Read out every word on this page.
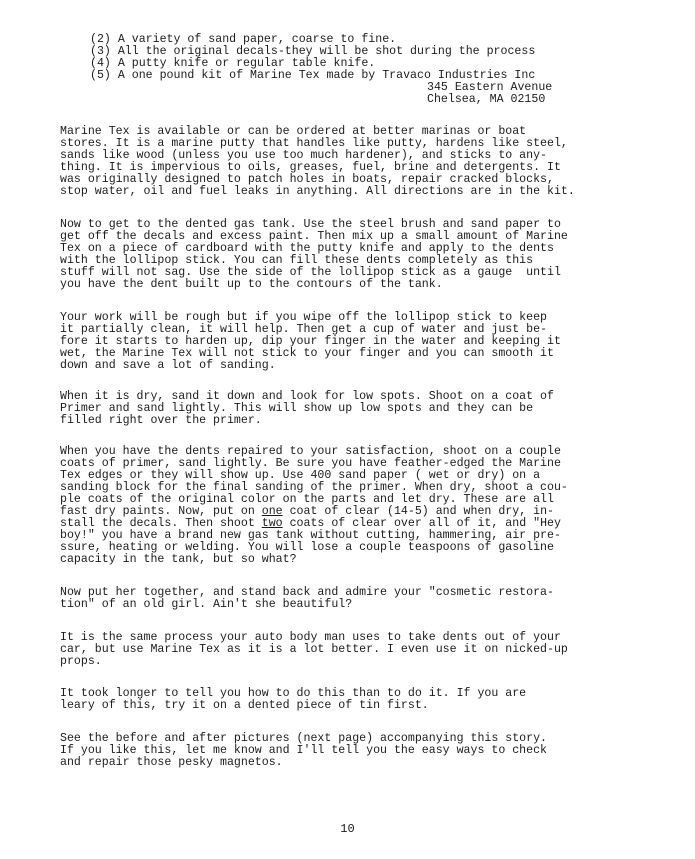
(2) A variety of sand paper, coarse to fine.
(3) All the original decals-they will be shot during the process
(4) A putty knife or regular table knife.
(5) A one pound kit of Marine Tex made by Travaco Industries Inc
345 Eastern Avenue
Chelsea, MA 02150
Marine Tex is available or can be ordered at better marinas or boat
stores. It is a marine putty that handles like putty, hardens like steel,
sands like wood (unless you use too much hardener), and sticks to any-
thing. It is impervious to oils, greases, fuel, brine and detergents. It
was originally designed to patch holes in boats, repair cracked blocks,
stop water, oil and fuel leaks in anything. All directions are in the kit.
Now to get to the dented gas tank. Use the steel brush and sand paper to
get off the decals and excess paint. Then mix up a small amount of Marine
Tex on a piece of cardboard with the putty knife and apply to the dents
with the lollipop stick. You can fill these dents completely as this
stuff will not sag. Use the side of the lollipop stick as a gauge  until
you have the dent built up to the contours of the tank.
Your work will be rough but if you wipe off the lollipop stick to keep
it partially clean, it will help. Then get a cup of water and just be-
fore it starts to harden up, dip your finger in the water and keeping it
wet, the Marine Tex will not stick to your finger and you can smooth it
down and save a lot of sanding.
When it is dry, sand it down and look for low spots. Shoot on a coat of
Primer and sand lightly. This will show up low spots and they can be
filled right over the primer.
When you have the dents repaired to your satisfaction, shoot on a couple
coats of primer, sand lightly. Be sure you have feather-edged the Marine
Tex edges or they will show up. Use 400 sand paper ( wet or dry) on a
sanding block for the final sanding of the primer. When dry, shoot a cou-
ple coats of the original color on the parts and let dry. These are all
fast dry paints. Now, put on one coat of clear (14-5) and when dry, in-
stall the decals. Then shoot two coats of clear over all of it, and "Hey
boy!" you have a brand new gas tank without cutting, hammering, air pre-
ssure, heating or welding. You will lose a couple teaspoons of gasoline
capacity in the tank, but so what?
Now put her together, and stand back and admire your "cosmetic restora-
tion" of an old girl. Ain't she beautiful?
It is the same process your auto body man uses to take dents out of your
car, but use Marine Tex as it is a lot better. I even use it on nicked-up
props.
It took longer to tell you how to do this than to do it. If you are
leary of this, try it on a dented piece of tin first.
See the before and after pictures (next page) accompanying this story.
If you like this, let me know and I'll tell you the easy ways to check
and repair those pesky magnetos.
10
